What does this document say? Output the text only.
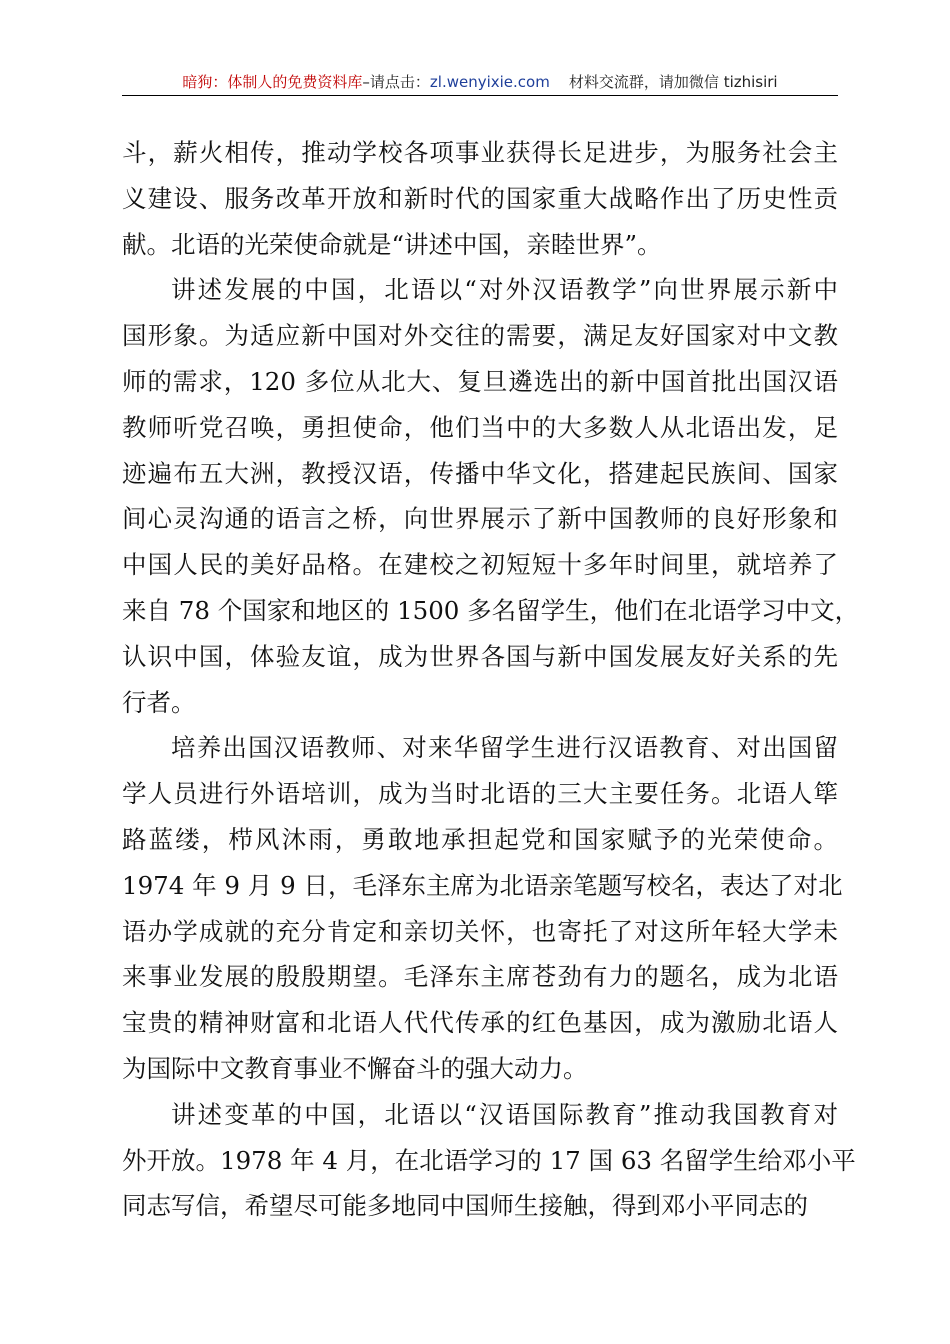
暗狗：体制人的免费资料库–请点击：zl.wenyixie.com 材料交流群，请加微信 tizhisiri
斗，薪火相传，推动学校各项事业获得长足进步，为服务社会主
义建设、服务改革开放和新时代的国家重大战略作出了历史性贡
献。北语的光荣使命就是“讲述中国，亲睦世界”。
讲述发展的中国，北语以“对外汉语教学”向世界展示新中
国形象。为适应新中国对外交往的需要，满足友好国家对中文教
师的需求，120 多位从北大、复旦遴选出的新中国首批出国汉语
教师听党召唤，勇担使命，他们当中的大多数人从北语出发，足
迹遍布五大洲，教授汉语，传播中华文化，搭建起民族间、国家
间心灵沟通的语言之桥，向世界展示了新中国教师的良好形象和
中国人民的美好品格。在建校之初短短十多年时间里，就培养了
来自 78 个国家和地区的 1500 多名留学生，他们在北语学习中文，
认识中国，体验友谊，成为世界各国与新中国发展友好关系的先
行者。
培养出国汉语教师、对来华留学生进行汉语教育、对出国留
学人员进行外语培训，成为当时北语的三大主要任务。北语人筚
路蓝缕，栉风沐雨，勇敢地承担起党和国家赋予的光荣使命。
1974 年 9 月 9 日，毛泽东主席为北语亲笔题写校名，表达了对北
语办学成就的充分肯定和亲切关怀，也寄托了对这所年轻大学未
来事业发展的殷殷期望。毛泽东主席苍劲有力的题名，成为北语
宝贵的精神财富和北语人代代传承的红色基因，成为激励北语人
为国际中文教育事业不懈奋斗的强大动力。
讲述变革的中国，北语以“汉语国际教育”推动我国教育对
外开放。1978 年 4 月，在北语学习的 17 国 63 名留学生给邓小平
同志写信，希望尽可能多地同中国师生接触，得到邓小平同志的
